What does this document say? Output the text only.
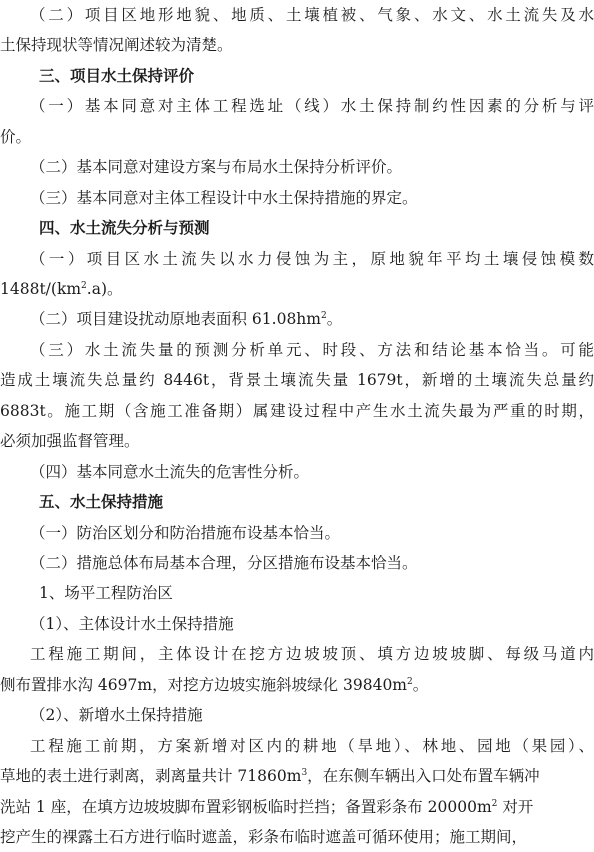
（二）项目区地形地貌、地质、土壤植被、气象、水文、水土流失及水
土保持现状等情况阐述较为清楚。
三、项目水土保持评价
（一）基本同意对主体工程选址（线）水土保持制约性因素的分析与评
价。
（二）基本同意对建设方案与布局水土保持分析评价。
（三）基本同意对主体工程设计中水土保持措施的界定。
四、水土流失分析与预测
（一）项目区水土流失以水力侵蚀为主，原地貌年平均土壤侵蚀模数
$1488t/(km^2.a)$。
（二）项目建设扰动原地表面积 $61.08hm^2$。
（三）水土流失量的预测分析单元、时段、方法和结论基本恰当。可能
造成土壤流失总量约 8446t，背景土壤流失量 1679t，新增的土壤流失总量约
6883t。施工期（含施工准备期）属建设过程中产生水土流失最为严重的时期，
必须加强监督管理。
（四）基本同意水土流失的危害性分析。
五、水土保持措施
（一）防治区划分和防治措施布设基本恰当。
（二）措施总体布局基本合理，分区措施布设基本恰当。
1、场平工程防治区
（1）、主体设计水土保持措施
工程施工期间，主体设计在挖方边坡坡顶、填方边坡坡脚、每级马道内
侧布置排水沟 4697m，对挖方边坡实施斜坡绿化 $39840m^2$。
（2）、新增水土保持措施
工程施工前期，方案新增对区内的耕地（旱地）、林地、园地（果园）、
草地的表土进行剥离，剥离量共计 $71860m^3$，在东侧车辆出入口处布置车辆冲
洗站 1 座，在填方边坡坡脚布置彩钢板临时拦挡；备置彩条布 $20000m^2$ 对开
挖产生的裸露土石方进行临时遮盖，彩条布临时遮盖可循环使用；施工期间，
